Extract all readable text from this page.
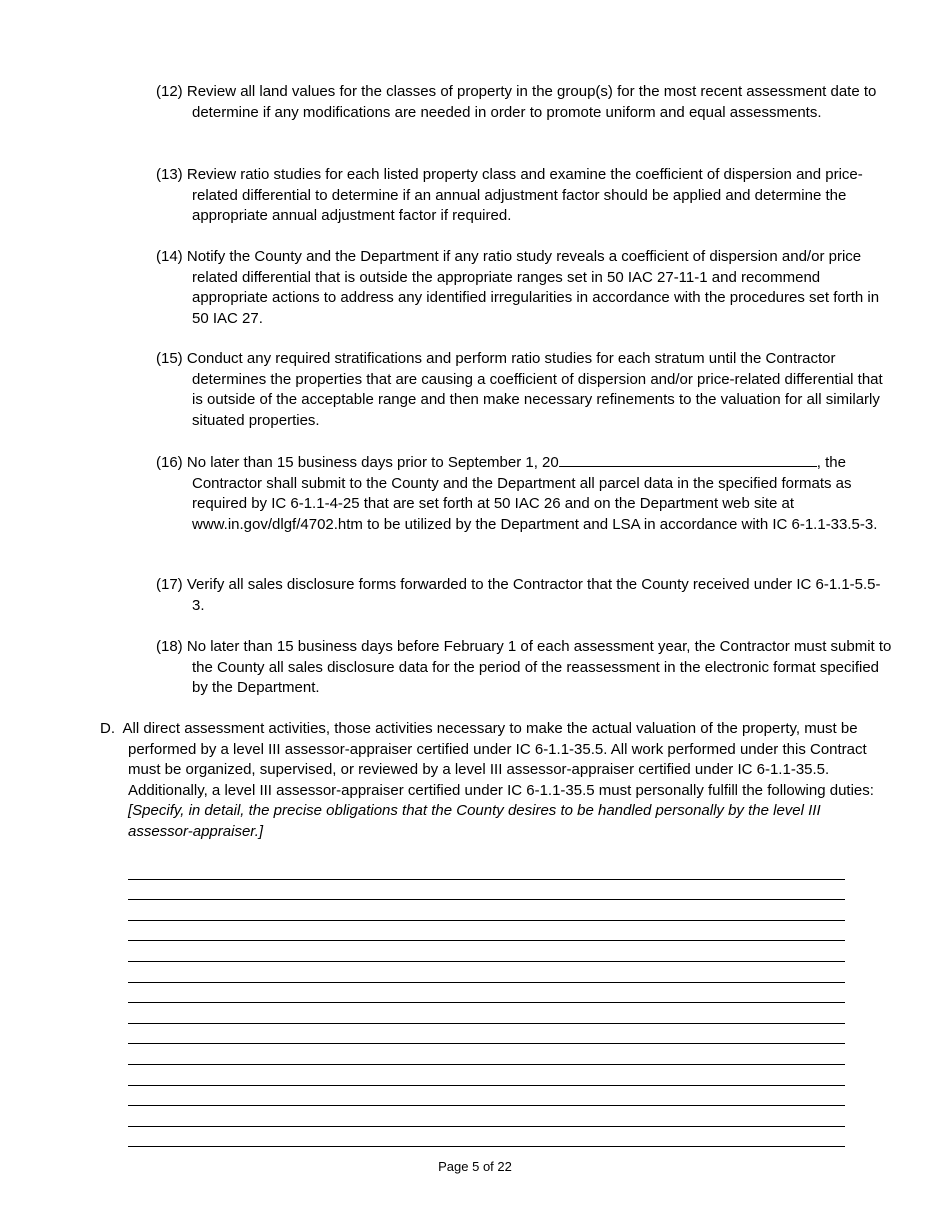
(12) Review all land values for the classes of property in the group(s) for the most recent assessment date to determine if any modifications are needed in order to promote uniform and equal assessments.

(13) Review ratio studies for each listed property class and examine the coefficient of dispersion and price-related differential to determine if an annual adjustment factor should be applied and determine the appropriate annual adjustment factor if required.

(14) Notify the County and the Department if any ratio study reveals a coefficient of dispersion and/or price related differential that is outside the appropriate ranges set in 50 IAC 27-11-1 and recommend appropriate actions to address any identified irregularities in accordance with the procedures set forth in 50 IAC 27.

(15) Conduct any required stratifications and perform ratio studies for each stratum until the Contractor determines the properties that are causing a coefficient of dispersion and/or price-related differential that is outside of the acceptable range and then make necessary refinements to the valuation for all similarly situated properties.

(16) No later than 15 business days prior to September 1, 20	, the Contractor shall submit to the County and the Department all parcel data in the specified formats as required by IC 6-1.1-4-25 that are set forth at 50 IAC 26 and on the Department web site at www.in.gov/dlgf/4702.htm to be utilized by the Department and LSA in accordance with IC 6-1.1-33.5-3.

(17) Verify all sales disclosure forms forwarded to the Contractor that the County received under IC 6-1.1-5.5-3.

(18) No later than 15 business days before February 1 of each assessment year, the Contractor must submit to the County all sales disclosure data for the period of the reassessment in the electronic format specified by the Department.

D. All direct assessment activities, those activities necessary to make the actual valuation of the property, must be performed by a level III assessor-appraiser certified under IC 6-1.1-35.5. All work performed under this Contract must be organized, supervised, or reviewed by a level III assessor-appraiser certified under IC 6-1.1-35.5. Additionally, a level III assessor-appraiser certified under IC 6-1.1-35.5 must personally fulfill the following duties: [Specify, in detail, the precise obligations that the County desires to be handled personally by the level III assessor-appraiser.]

Page 5 of 22
